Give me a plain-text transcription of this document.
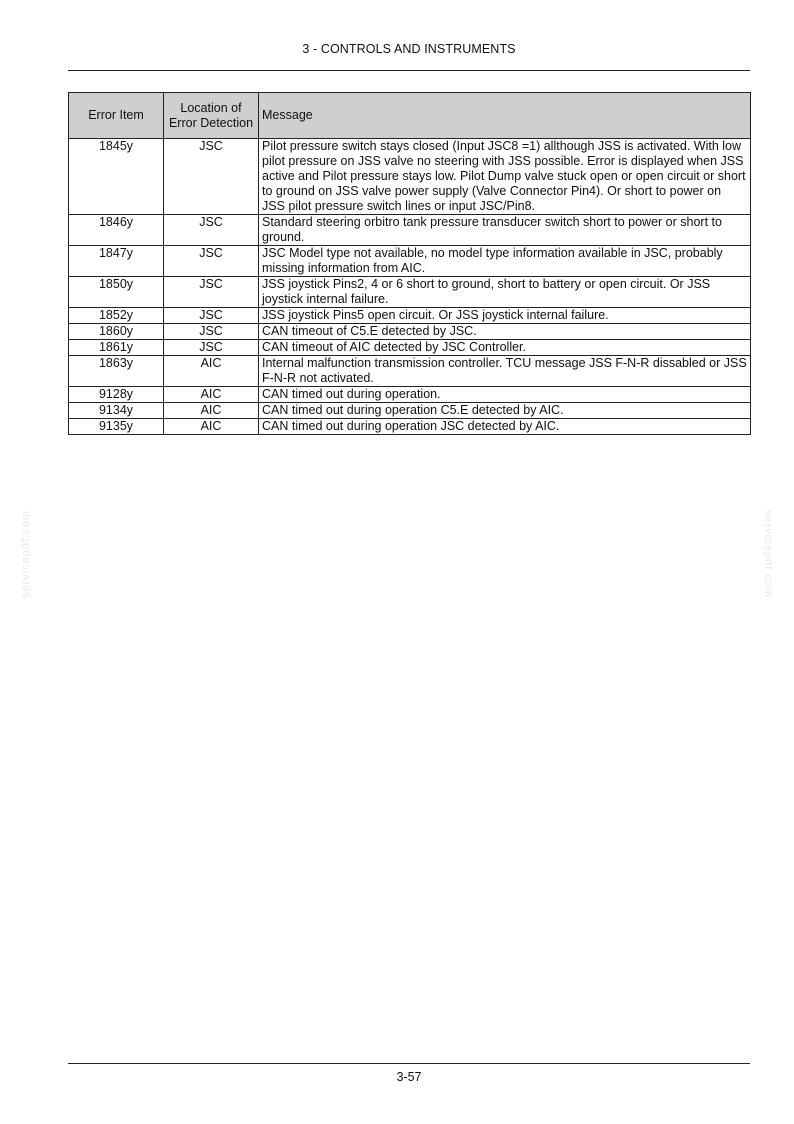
3 - CONTROLS AND INSTRUMENTS
Error Item	Location of Error Detection	Message
1845y	JSC	Pilot pressure switch stays closed (Input JSC8 =1) allthough JSS is activated. With low pilot pressure on JSS valve no steering with JSS possible. Error is displayed when JSS active and Pilot pressure stays low. Pilot Dump valve stuck open or open circuit or short to ground on JSS valve power supply (Valve Connector Pin4). Or short to power on JSS pilot pressure switch lines or input JSC/Pin8.
1846y	JSC	Standard steering orbitro tank pressure transducer switch short to power or short to ground.
1847y	JSC	JSC Model type not available, no model type information available in JSC, probably missing information from AIC.
1850y	JSC	JSS joystick Pins2, 4 or 6 short to ground, short to battery or open circuit. Or JSS joystick internal failure.
1852y	JSC	JSS joystick Pins5 open circuit. Or JSS joystick internal failure.
1860y	JSC	CAN timeout of C5.E detected by JSC.
1861y	JSC	CAN timeout of AIC detected by JSC Controller.
1863y	AIC	Internal malfunction transmission controller. TCU message JSS F-N-R dissabled or JSS F-N-R not activated.
9128y	AIC	CAN timed out during operation.
9134y	AIC	CAN timed out during operation C5.E detected by AIC.
9135y	AIC	CAN timed out during operation JSC detected by AIC.
servicepdf.com	servicepdf.com
3-57
